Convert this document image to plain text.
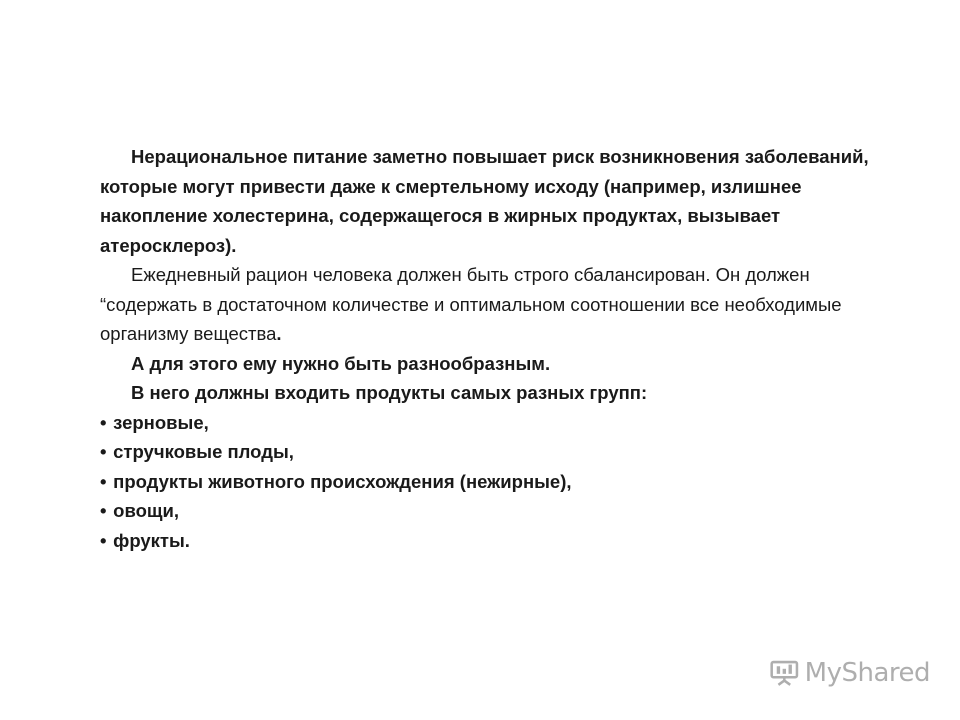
Нерациональное питание заметно повышает риск возникновения заболеваний, которые могут привести даже к смертельному исходу (например, излишнее накопление холестерина, содержащегося в жирных продуктах, вызывает атеросклероз).

Ежедневный рацион человека должен быть строго сбалансирован. Он должен “содержать в достаточном количестве и оптимальном соотношении все необходимые организму вещества.

А для этого ему нужно быть разнообразным.

В него должны входить продукты самых разных групп:

• зерновые,
• стручковые плоды,
• продукты животного происхождения (нежирные),
• овощи,
• фрукты.
MyShared
